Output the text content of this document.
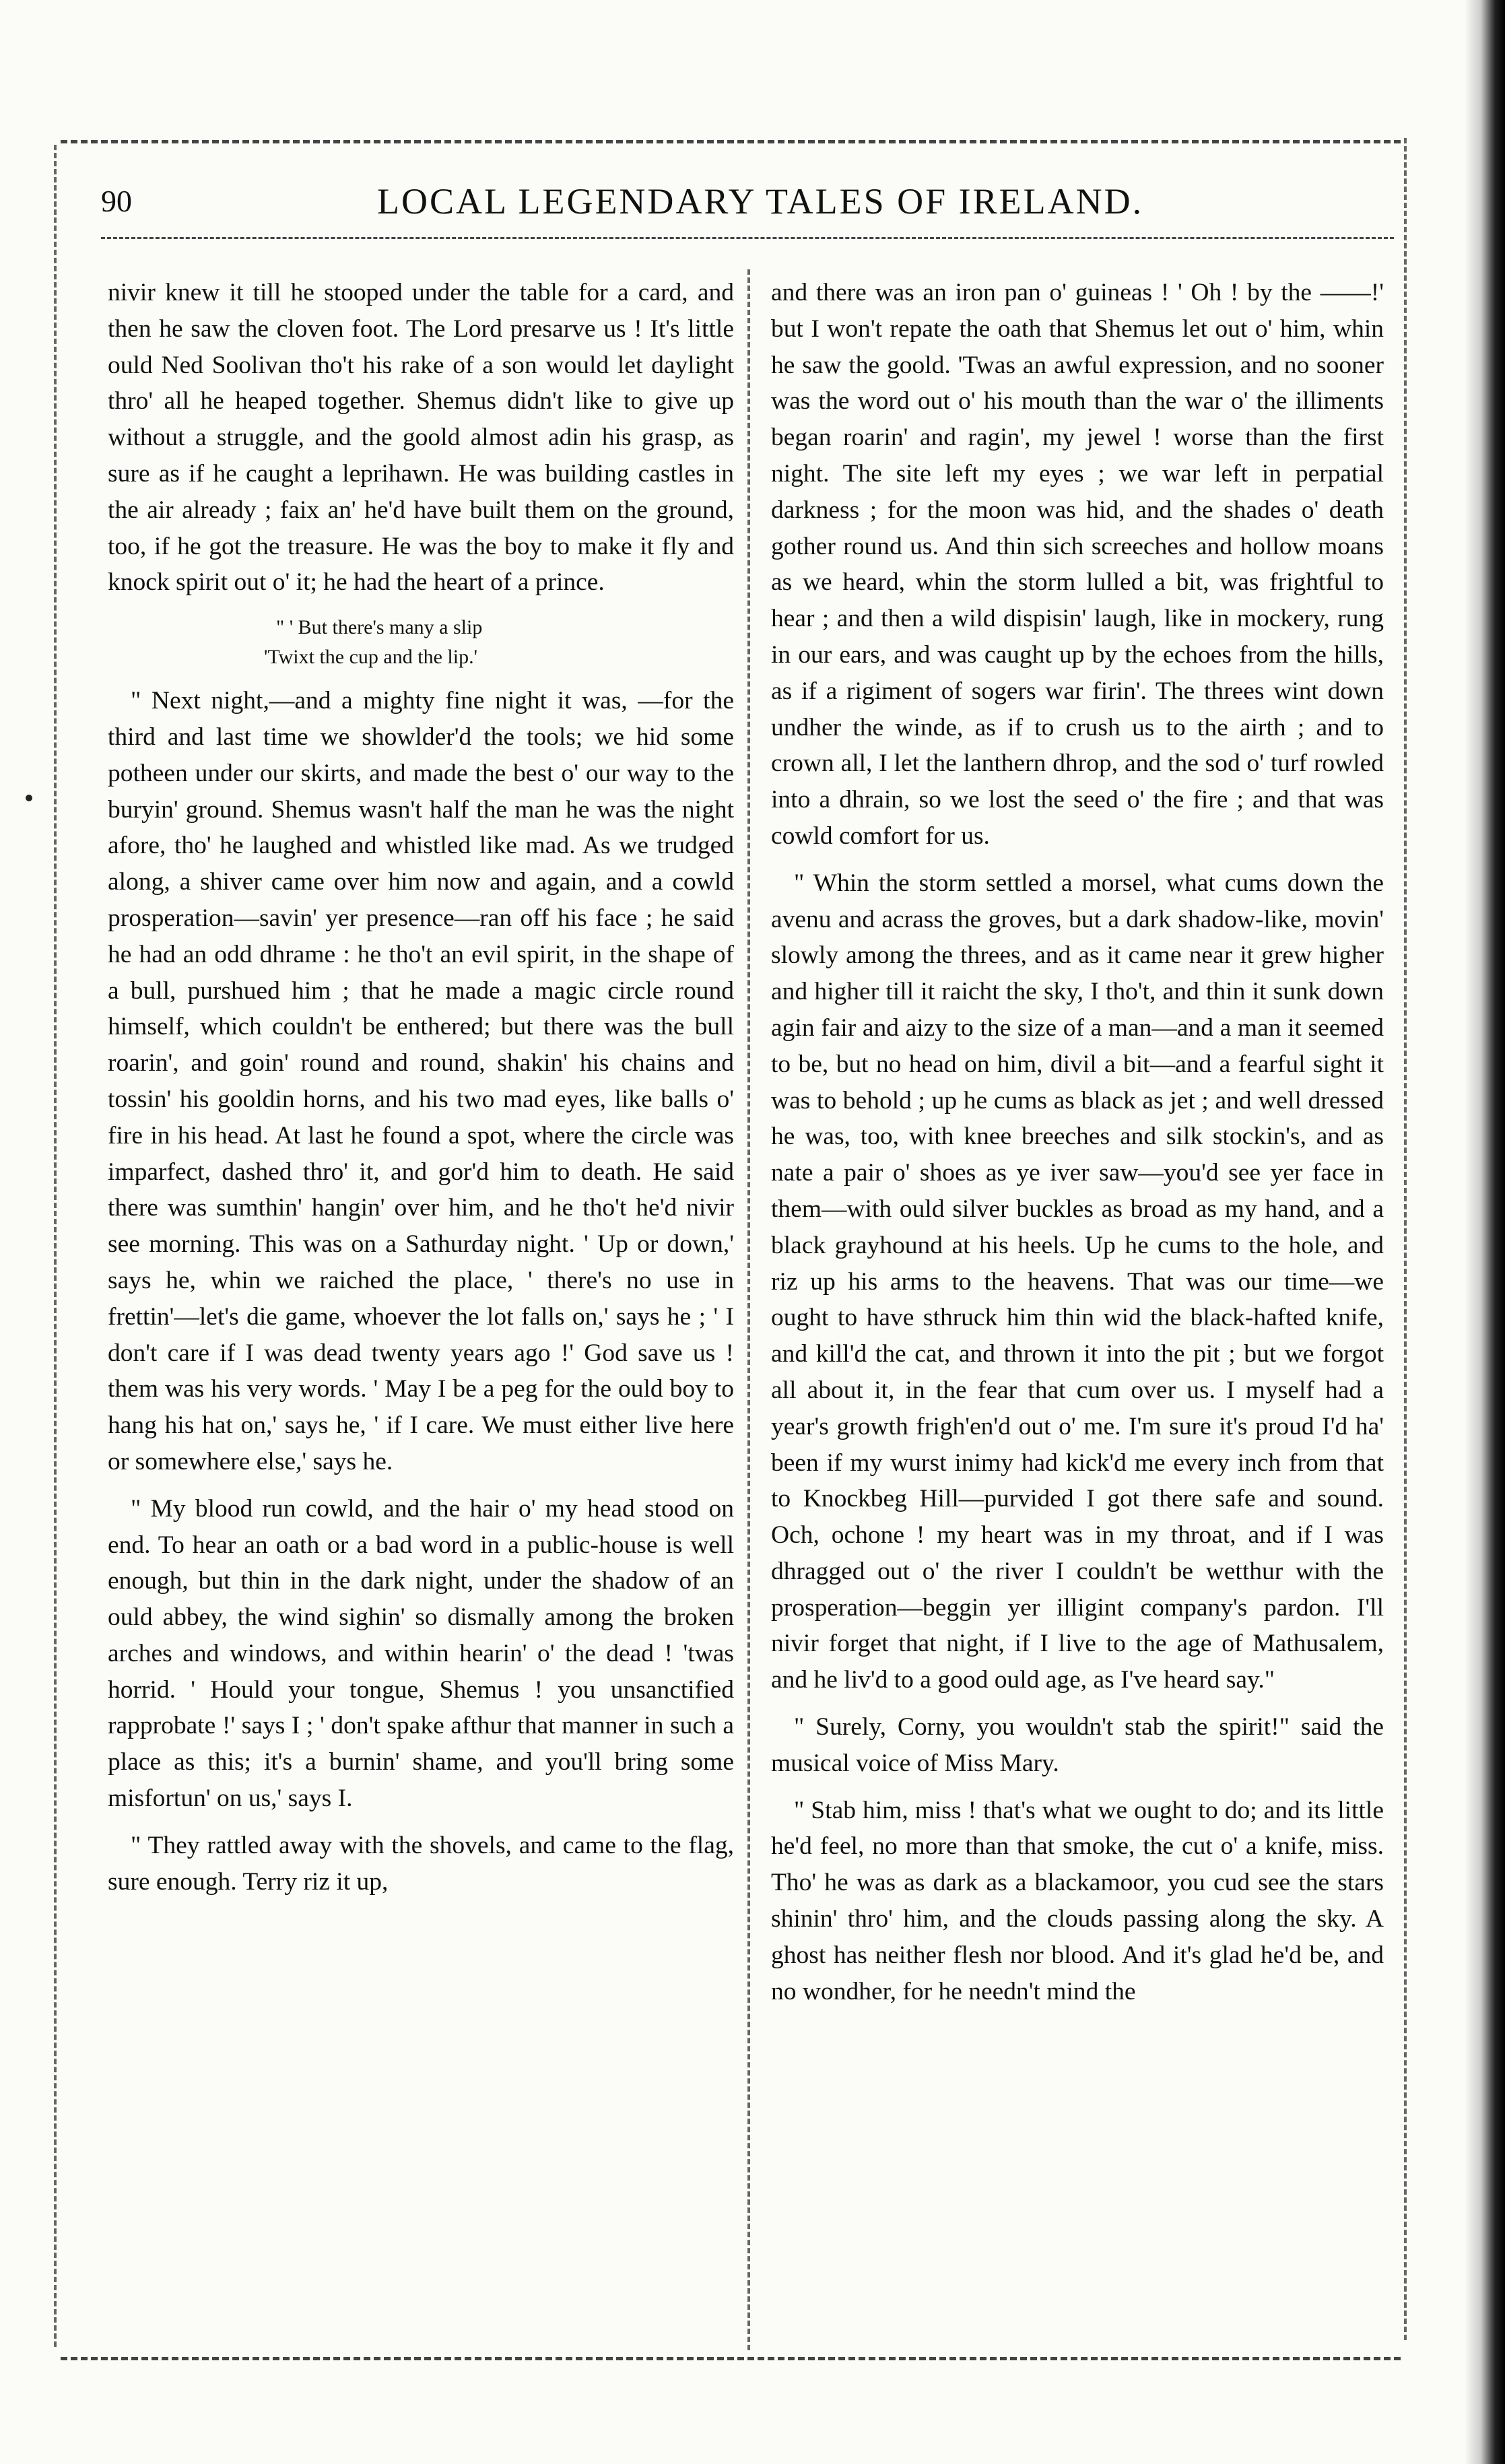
90	LOCAL LEGENDARY TALES OF IRELAND.

nivir knew it till he stooped under the table for a card, and then he saw the cloven foot. The Lord presarve us ! It's little ould Ned Soolivan tho't his rake of a son would let daylight thro' all he heaped together. Shemus didn't like to give up without a struggle, and the goold almost adin his grasp, as sure as if he caught a leprihawn. He was building castles in the air already ; faix an' he'd have built them on the ground, too, if he got the treasure. He was the boy to make it fly and knock spirit out o' it; he had the heart of a prince.

" ' But there's many a slip
'Twixt the cup and the lip.'

" Next night,—and a mighty fine night it was, —for the third and last time we showlder'd the tools; we hid some potheen under our skirts, and made the best o' our way to the buryin' ground. Shemus wasn't half the man he was the night afore, tho' he laughed and whistled like mad. As we trudged along, a shiver came over him now and again, and a cowld prosperation—savin' yer presence—ran off his face ; he said he had an odd dhrame : he tho't an evil spirit, in the shape of a bull, purshued him ; that he made a magic circle round himself, which couldn't be enthered; but there was the bull roarin', and goin' round and round, shakin' his chains and tossin' his gooldin horns, and his two mad eyes, like balls o' fire in his head. At last he found a spot, where the circle was imparfect, dashed thro' it, and gor'd him to death. He said there was sumthin' hangin' over him, and he tho't he'd nivir see morning. This was on a Sathurday night. ' Up or down,' says he, whin we raiched the place, ' there's no use in frettin'—let's die game, whoever the lot falls on,' says he ; ' I don't care if I was dead twenty years ago !' God save us ! them was his very words. ' May I be a peg for the ould boy to hang his hat on,' says he, ' if I care. We must either live here or somewhere else,' says he.

" My blood run cowld, and the hair o' my head stood on end. To hear an oath or a bad word in a public-house is well enough, but thin in the dark night, under the shadow of an ould abbey, the wind sighin' so dismally among the broken arches and windows, and within hearin' o' the dead ! 'twas horrid. ' Hould your tongue, Shemus ! you unsanctified rapprobate !' says I ; ' don't spake afthur that manner in such a place as this; it's a burnin' shame, and you'll bring some misfortun' on us,' says I.

" They rattled away with the shovels, and came to the flag, sure enough. Terry riz it up,

and there was an iron pan o' guineas ! ' Oh ! by the ——!' but I won't repate the oath that Shemus let out o' him, whin he saw the goold. 'Twas an awful expression, and no sooner was the word out o' his mouth than the war o' the illiments began roarin' and ragin', my jewel ! worse than the first night. The site left my eyes ; we war left in perpatial darkness ; for the moon was hid, and the shades o' death gother round us. And thin sich screeches and hollow moans as we heard, whin the storm lulled a bit, was frightful to hear ; and then a wild dispisin' laugh, like in mockery, rung in our ears, and was caught up by the echoes from the hills, as if a rigiment of sogers war firin'. The threes wint down undher the winde, as if to crush us to the airth ; and to crown all, I let the lanthern dhrop, and the sod o' turf rowled into a dhrain, so we lost the seed o' the fire ; and that was cowld comfort for us.

" Whin the storm settled a morsel, what cums down the avenu and acrass the groves, but a dark shadow-like, movin' slowly among the threes, and as it came near it grew higher and higher till it raicht the sky, I tho't, and thin it sunk down agin fair and aizy to the size of a man—and a man it seemed to be, but no head on him, divil a bit—and a fearful sight it was to behold ; up he cums as black as jet ; and well dressed he was, too, with knee breeches and silk stockin's, and as nate a pair o' shoes as ye iver saw—you'd see yer face in them—with ould silver buckles as broad as my hand, and a black grayhound at his heels. Up he cums to the hole, and riz up his arms to the heavens. That was our time—we ought to have sthruck him thin wid the black-hafted knife, and kill'd the cat, and thrown it into the pit ; but we forgot all about it, in the fear that cum over us. I myself had a year's growth frigh'en'd out o' me. I'm sure it's proud I'd ha' been if my wurst inimy had kick'd me every inch from that to Knockbeg Hill—purvided I got there safe and sound. Och, ochone ! my heart was in my throat, and if I was dhragged out o' the river I couldn't be wetthur with the prosperation—beggin yer illigint company's pardon. I'll nivir forget that night, if I live to the age of Mathusalem, and he liv'd to a good ould age, as I've heard say."

" Surely, Corny, you wouldn't stab the spirit!" said the musical voice of Miss Mary.

" Stab him, miss ! that's what we ought to do; and its little he'd feel, no more than that smoke, the cut o' a knife, miss. Tho' he was as dark as a blackamoor, you cud see the stars shinin' thro' him, and the clouds passing along the sky. A ghost has neither flesh nor blood. And it's glad he'd be, and no wondher, for he needn't mind the
